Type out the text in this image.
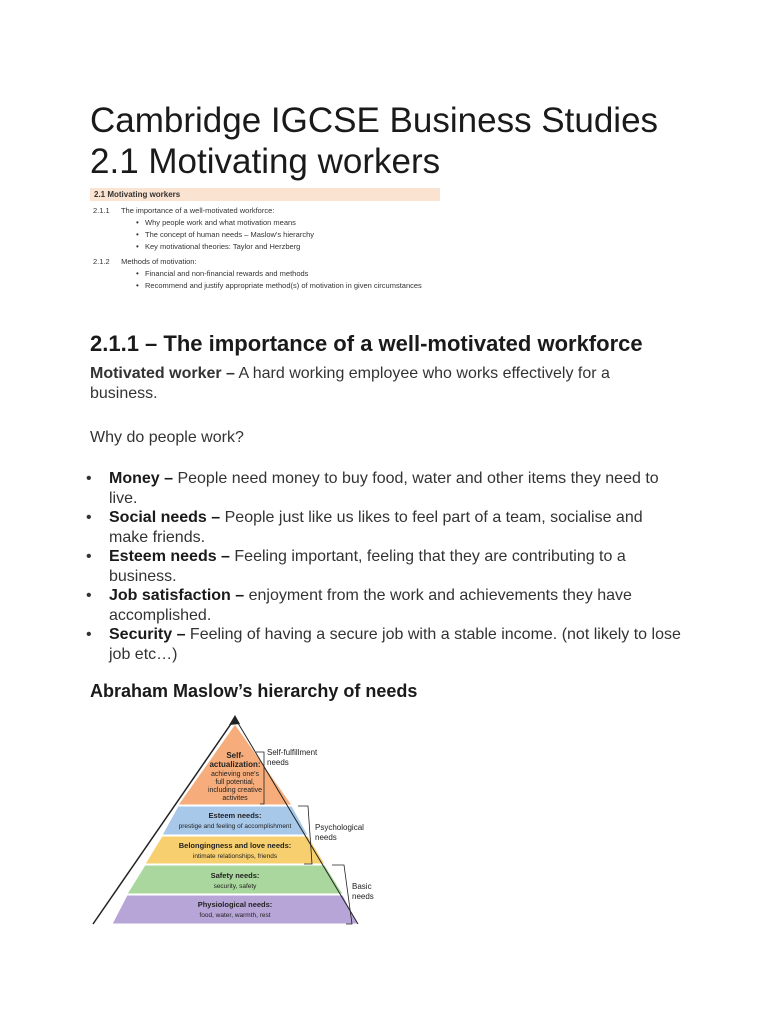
Cambridge IGCSE Business Studies
2.1 Motivating workers
2.1 Motivating workers
2.1.1 The importance of a well-motivated workforce:
• Why people work and what motivation means
• The concept of human needs – Maslow's hierarchy
• Key motivational theories: Taylor and Herzberg
2.1.2 Methods of motivation:
• Financial and non-financial rewards and methods
• Recommend and justify appropriate method(s) of motivation in given circumstances
2.1.1 – The importance of a well-motivated workforce

Motivated worker – A hard working employee who works effectively for a business.

Why do people work?

• Money – People need money to buy food, water and other items they need to live.
• Social needs – People just like us likes to feel part of a team, socialise and make friends.
• Esteem needs – Feeling important, feeling that they are contributing to a business.
• Job satisfaction – enjoyment from the work and achievements they have accomplished.
• Security – Feeling of having a secure job with a stable income. (not likely to lose job etc…)
Abraham Maslow’s hierarchy of needs
Self-
actualization:
achieving one's
full potential,
including creative
activites
Esteem needs:
prestige and feeling of accomplishment
Belongingness and love needs:
intimate relationships, friends
Safety needs:
security, safety
Physiological needs:
food, water, warmth, rest
Self-fulfillment
needs
Psychological
needs
Basic
needs
